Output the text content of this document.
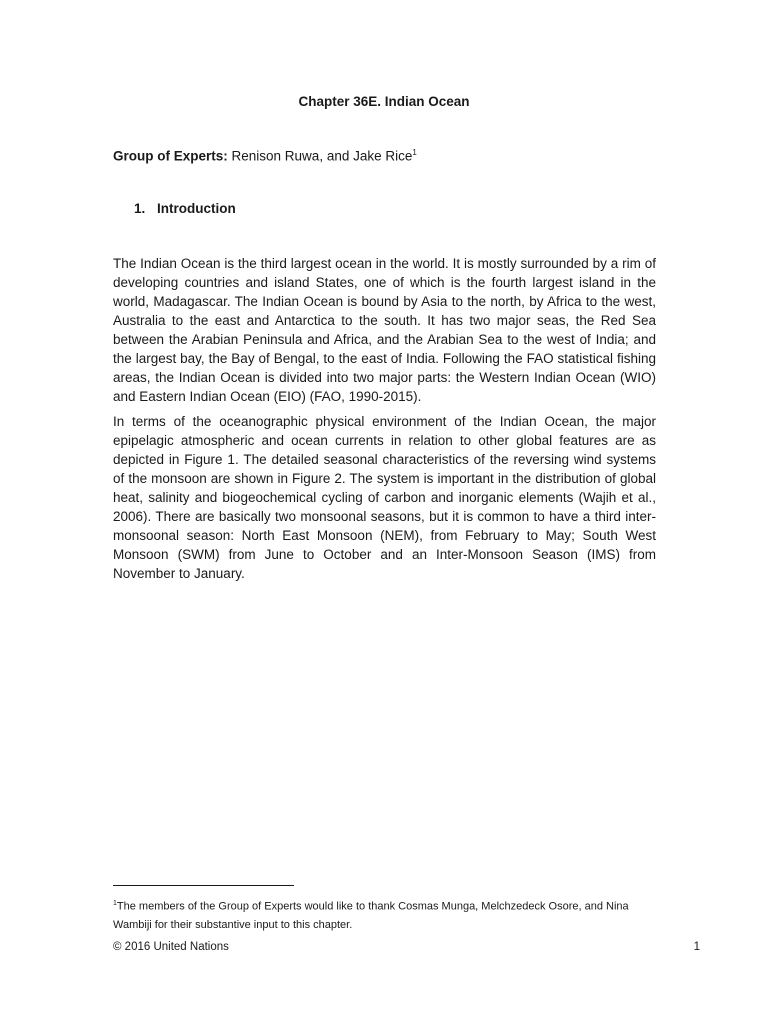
Chapter 36E. Indian Ocean

Group of Experts: Renison Ruwa, and Jake Rice$^1$

1. Introduction

The Indian Ocean is the third largest ocean in the world. It is mostly surrounded by a rim of developing countries and island States, one of which is the fourth largest island in the world, Madagascar. The Indian Ocean is bound by Asia to the north, by Africa to the west, Australia to the east and Antarctica to the south. It has two major seas, the Red Sea between the Arabian Peninsula and Africa, and the Arabian Sea to the west of India; and the largest bay, the Bay of Bengal, to the east of India. Following the FAO statistical fishing areas, the Indian Ocean is divided into two major parts: the Western Indian Ocean (WIO) and Eastern Indian Ocean (EIO) (FAO, 1990-2015).

In terms of the oceanographic physical environment of the Indian Ocean, the major epipelagic atmospheric and ocean currents in relation to other global features are as depicted in Figure 1. The detailed seasonal characteristics of the reversing wind systems of the monsoon are shown in Figure 2. The system is important in the distribution of global heat, salinity and biogeochemical cycling of carbon and inorganic elements (Wajih et al., 2006). There are basically two monsoonal seasons, but it is common to have a third inter-monsoonal season: North East Monsoon (NEM), from February to May; South West Monsoon (SWM) from June to October and an Inter-Monsoon Season (IMS) from November to January.

$^1$The members of the Group of Experts would like to thank Cosmas Munga, Melchzedeck Osore, and Nina Wambiji for their substantive input to this chapter.

© 2016 United Nations	1
